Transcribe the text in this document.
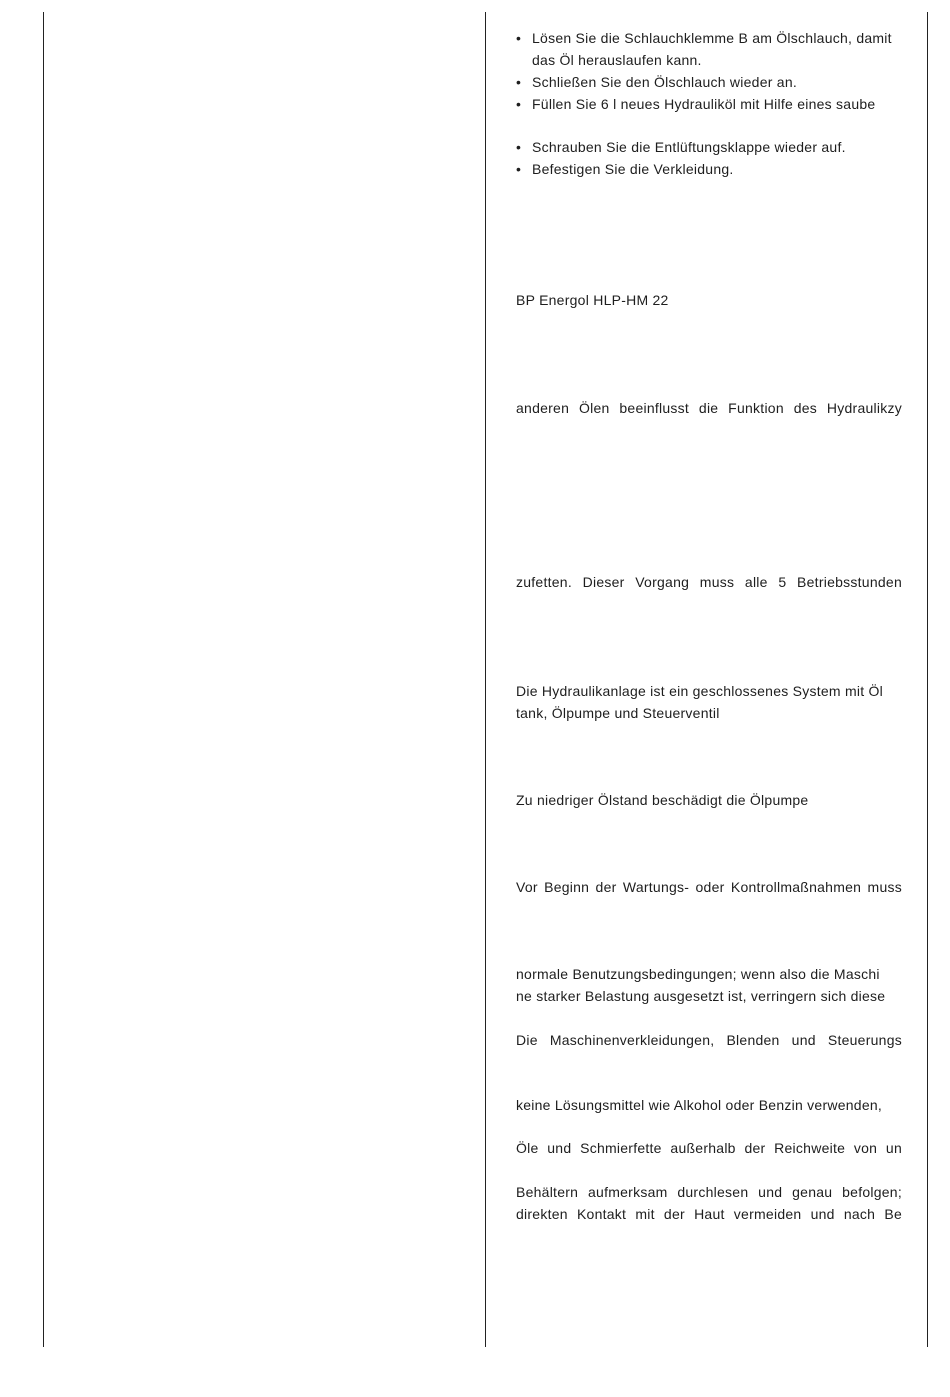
• Lösen Sie die Schlauchklemme B am Ölschlauch, damit das Öl herauslaufen kann.
• Schließen Sie den Ölschlauch wieder an.
• Füllen Sie 6 l neues Hydrauliköl mit Hilfe eines saube
• Schrauben Sie die Entlüftungsklappe wieder auf.
• Befestigen Sie die Verkleidung.
BP Energol HLP-HM 22
anderen Ölen beeinflusst die Funktion des Hydraulikzy
zufetten. Dieser Vorgang muss alle 5 Betriebsstunden
Die Hydraulikanlage ist ein geschlossenes System mit Öl
tank, Ölpumpe und Steuerventil
Zu niedriger Ölstand beschädigt die Ölpumpe
Vor Beginn der Wartungs- oder Kontrollmaßnahmen muss
normale Benutzungsbedingungen; wenn also die Maschi
ne starker Belastung ausgesetzt ist, verringern sich diese
Die Maschinenverkleidungen, Blenden und Steuerungs
keine Lösungsmittel wie Alkohol oder Benzin verwenden,
Öle und Schmierfette außerhalb der Reichweite von un
Behältern aufmerksam durchlesen und genau befolgen;
direkten Kontakt mit der Haut vermeiden und nach Be
